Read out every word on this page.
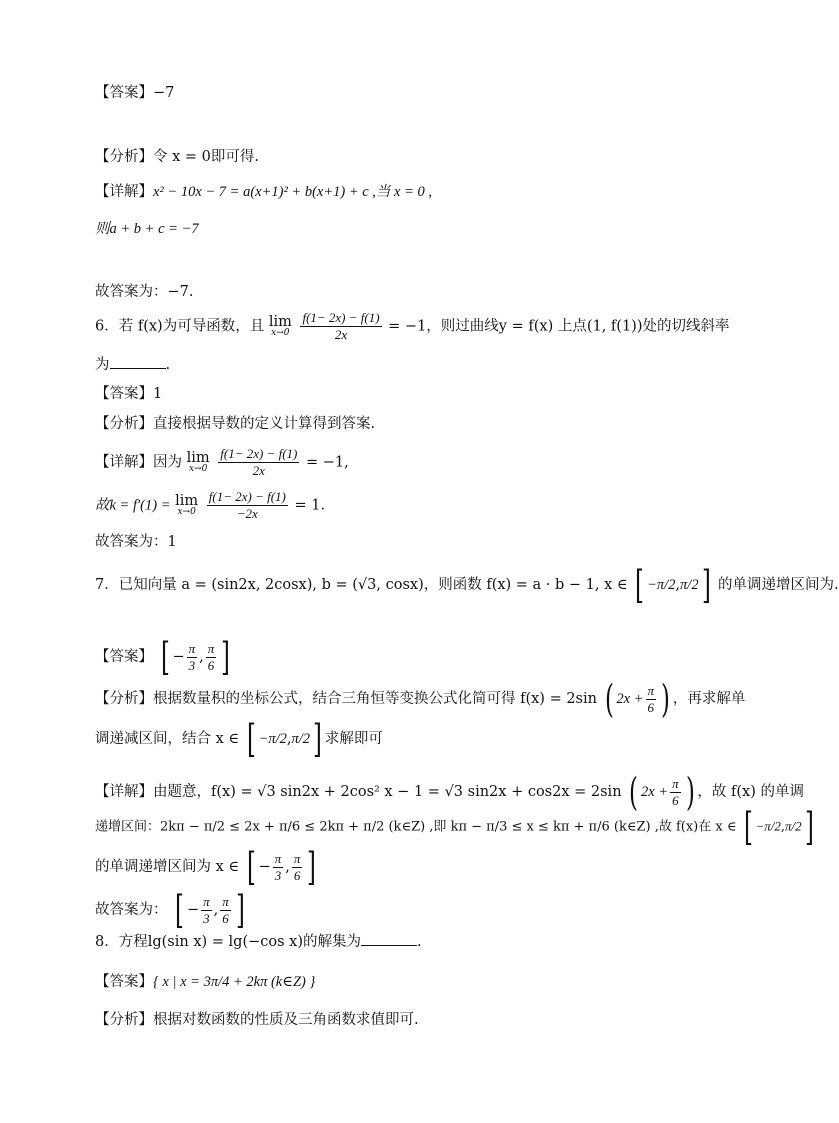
【答案】−7
【分析】令 x = 0即可得.
【详解】x² − 10x − 7 = a(x+1)² + b(x+1) + c ,当 x = 0 ,
则a + b + c = −7
故答案为：−7.
6．若 f(x)为可导函数，且 lim
x→0
$\frac{f(1- 2x) - f(1)}{2x} = -1$，则过曲线y = f(x) 上点(1, f(1))处的切线斜率
为	.
【答案】1
【分析】直接根据导数的定义计算得到答案.
【详解】因为 lim
x→0
$\frac{f(1- 2x) - f(1)}{2x} = -1$,
故k = f′(1) = lim
x→0
$\frac{f(1- 2x) - f(1)}{-2x} = 1$.
故答案为：1
7．已知向量 a = (sin2x, 2cosx), b = (√3, cosx)，则函数 f(x) = a · b − 1, x ∈ [ −π/2,π/2] 的单调递增区间为.
【答案】 [ − $\frac{\pi}{3}$ , $\frac{\pi}{6}$ ]
【分析】根据数量积的坐标公式，结合三角恒等变换公式化简可得 f(x) = 2sin ( $2x + \frac{\pi}{6}$ ) ，再求解单
调递减区间，结合 x ∈ [ −π/2,π/2] 求解即可
【详解】由题意，f(x) = √3 sin2x + 2cos² x − 1 = √3 sin2x + cos2x = 2sin ( $2x + \frac{\pi}{6}$ ) ，故 f(x) 的单调
递增区间：2kπ − π/2 ≤ 2x + π/6 ≤ 2kπ + π/2 (k∈Z) ,即 kπ − π/3 ≤ x ≤ kπ + π/6 (k∈Z) ,故 f(x)在 x ∈ [ −π/2,π/2]
的单调递增区间为 x ∈ [ − $\frac{\pi}{3}$ , $\frac{\pi}{6}$ ]
故答案为： [ − $\frac{\pi}{3}$ , $\frac{\pi}{6}$ ]
8．方程lg(sin x) = lg(−cos x)的解集为	.
【答案】{ x | x = 3π/4 + 2kπ (k∈Z) }
【分析】根据对数函数的性质及三角函数求值即可.
